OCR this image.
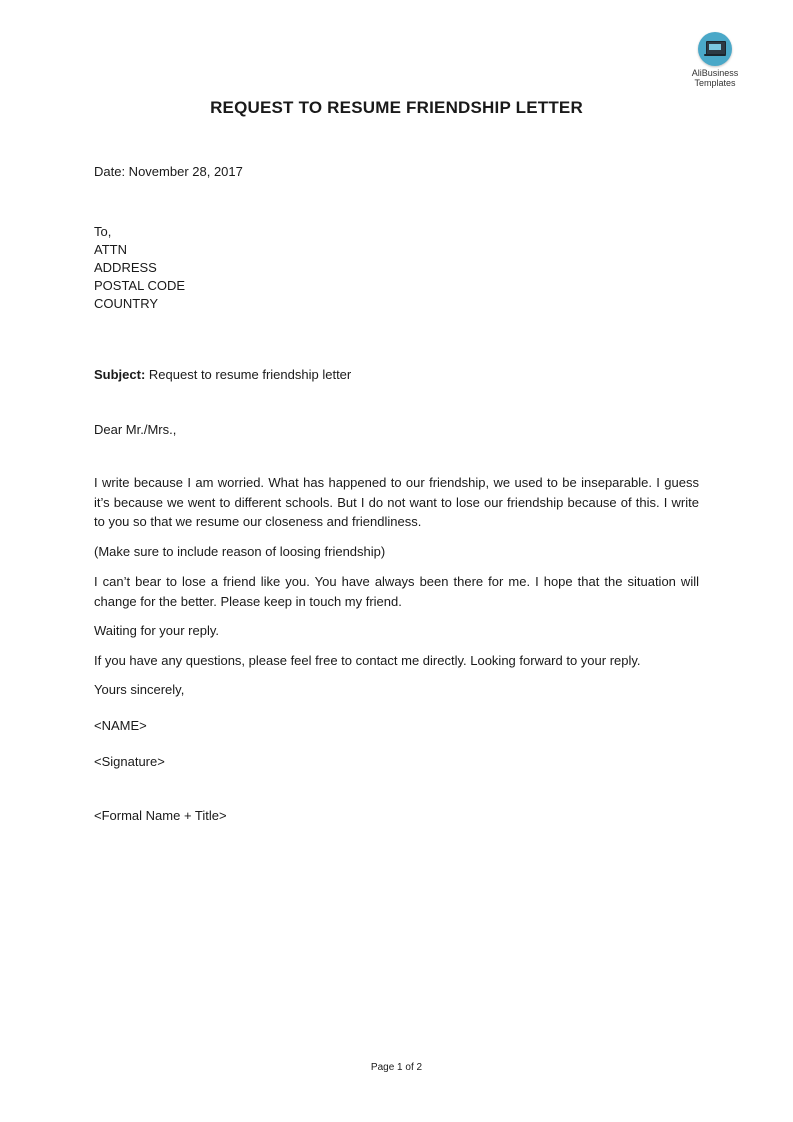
AliBusiness
Templates
REQUEST TO RESUME FRIENDSHIP LETTER
Date: November 28, 2017
To,
ATTN
ADDRESS
POSTAL CODE
COUNTRY
Subject: Request to resume friendship letter
Dear Mr./Mrs.,
I write because I am worried. What has happened to our friendship, we used to be inseparable. I guess it’s because we went to different schools. But I do not want to lose our friendship because of this. I write to you so that we resume our closeness and friendliness.
(Make sure to include reason of loosing friendship)
I can’t bear to lose a friend like you. You have always been there for me. I hope that the situation will change for the better. Please keep in touch my friend.
Waiting for your reply.
If you have any questions, please feel free to contact me directly. Looking forward to your reply.
Yours sincerely,
<NAME>
<Signature>
<Formal Name + Title>
Page 1 of 2
